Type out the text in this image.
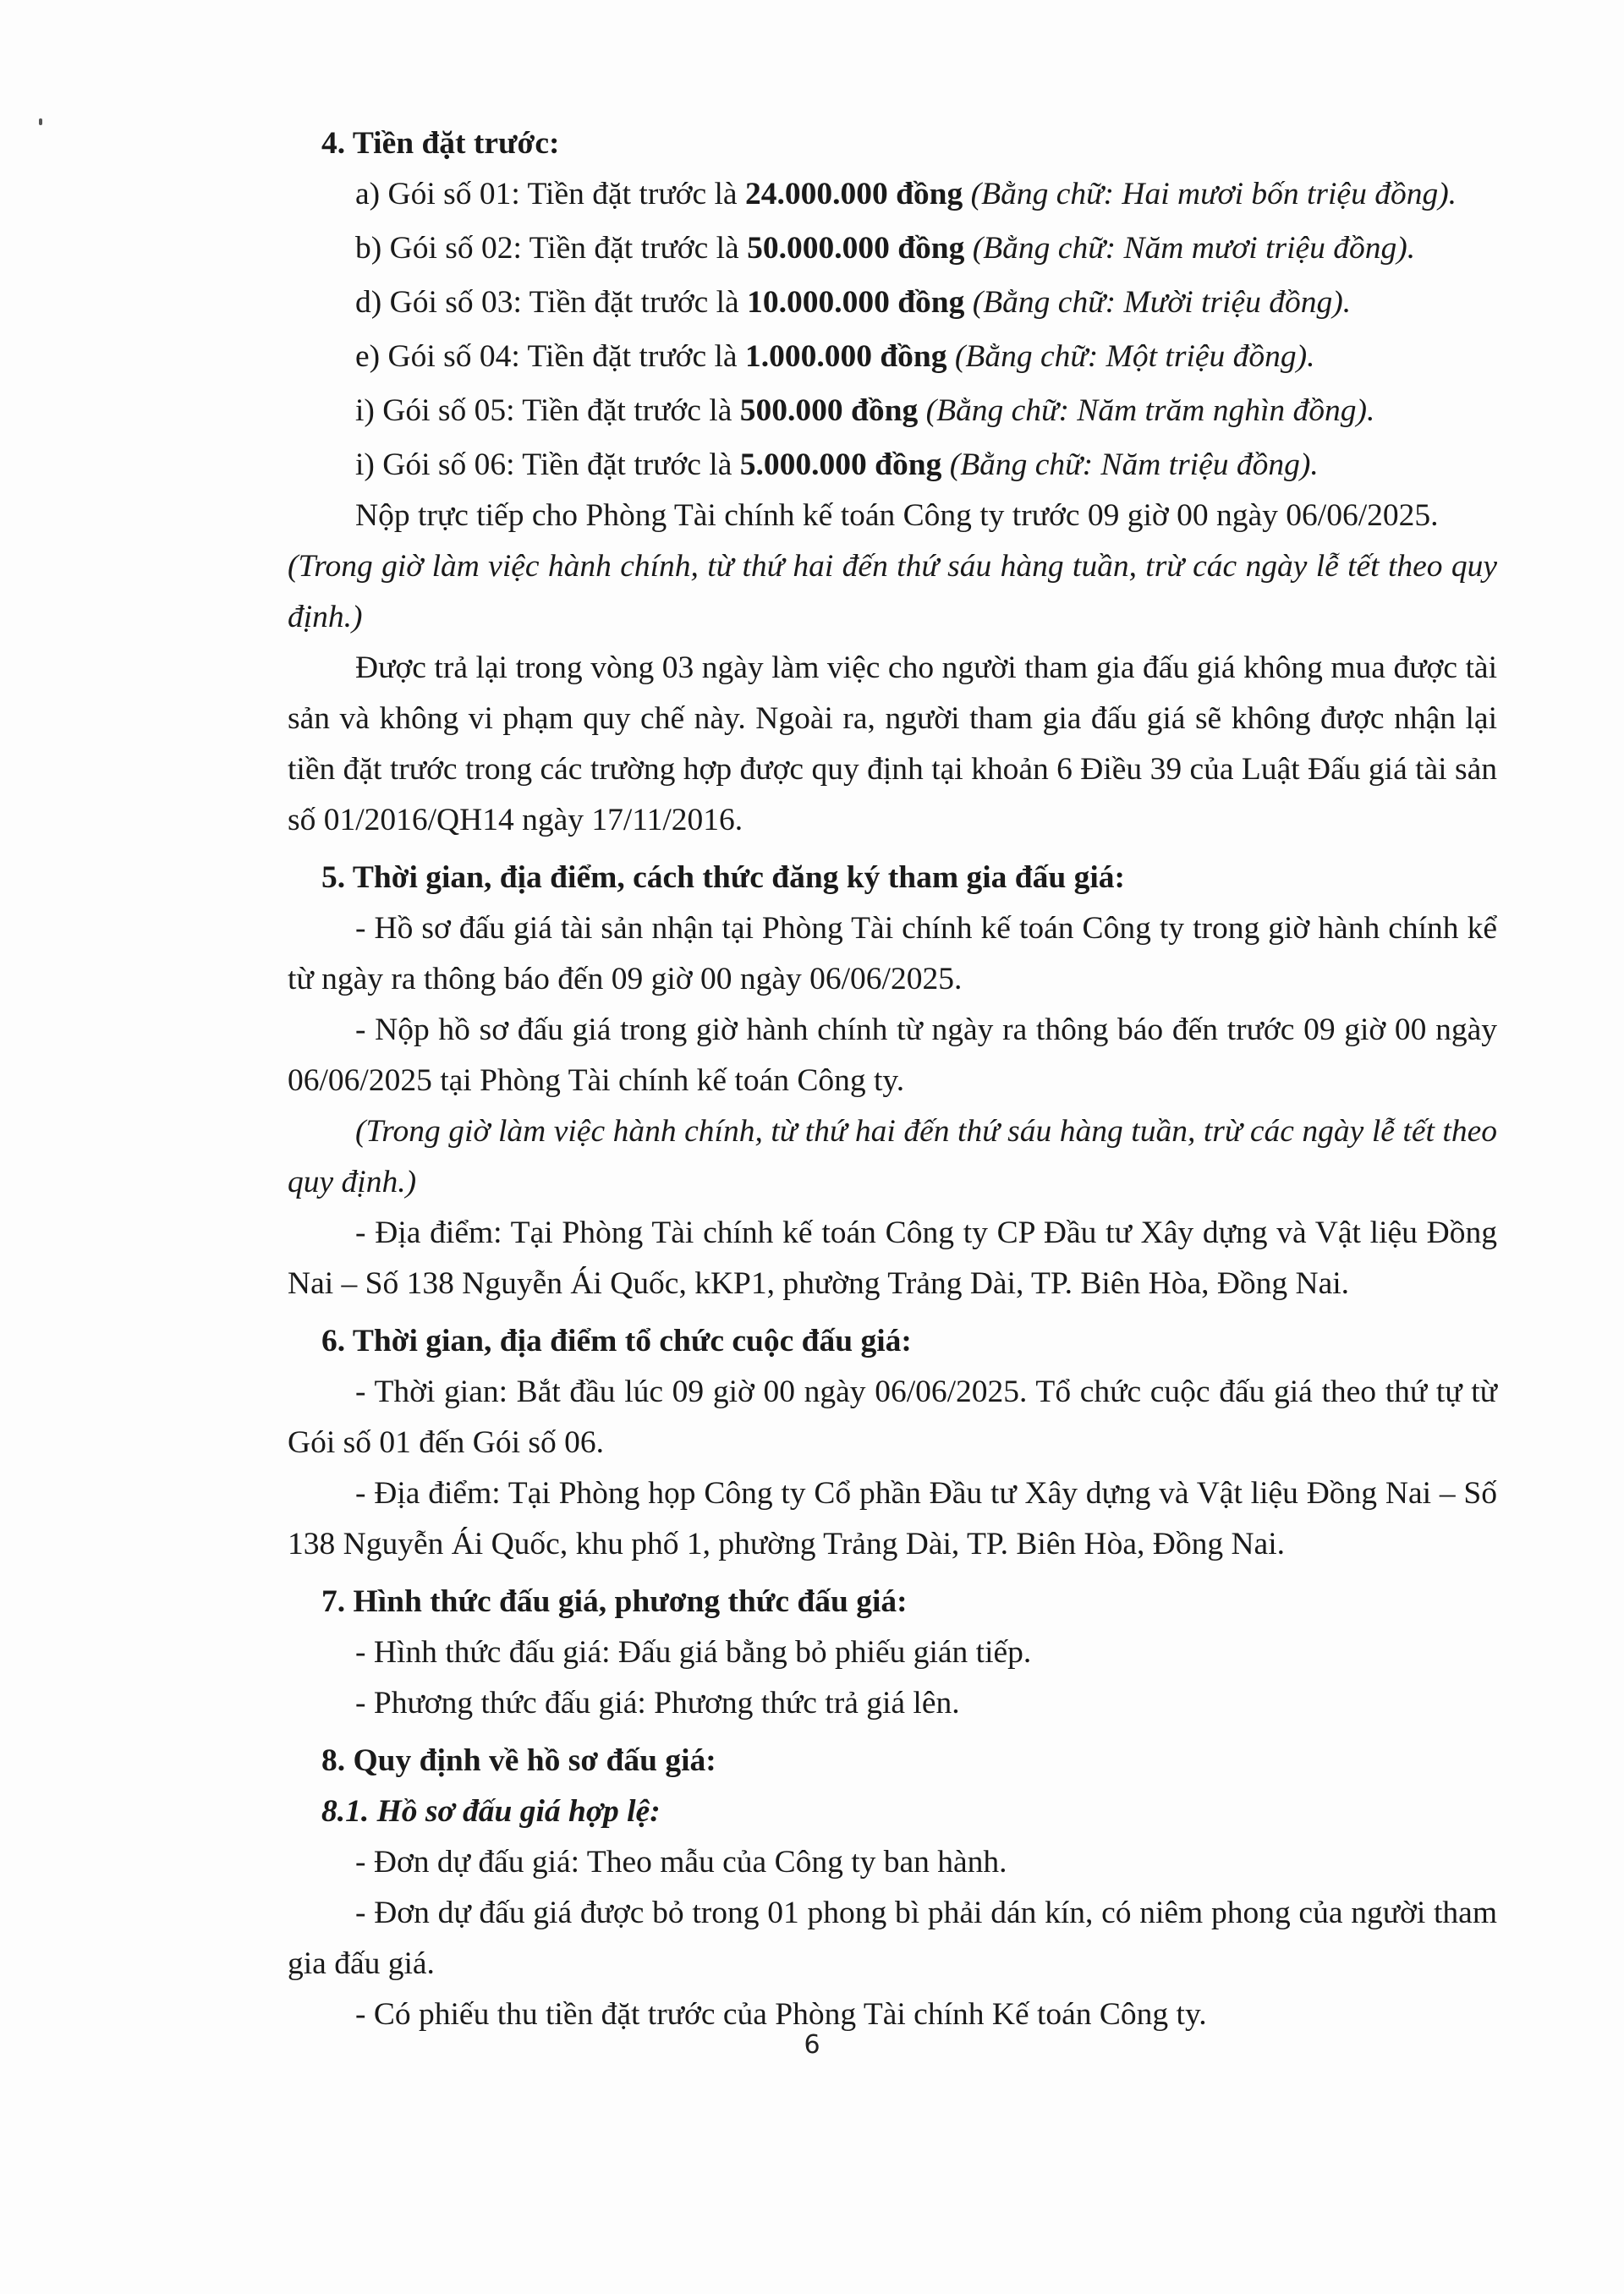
4. Tiền đặt trước:

a) Gói số 01: Tiền đặt trước là 24.000.000 đồng (Bằng chữ: Hai mươi bốn triệu đồng).

b) Gói số 02: Tiền đặt trước là 50.000.000 đồng (Bằng chữ: Năm mươi triệu đồng).

d) Gói số 03: Tiền đặt trước là 10.000.000 đồng (Bằng chữ: Mười triệu đồng).

e) Gói số 04: Tiền đặt trước là 1.000.000 đồng (Bằng chữ: Một triệu đồng).

i) Gói số 05: Tiền đặt trước là 500.000 đồng (Bằng chữ: Năm trăm nghìn đồng).

i) Gói số 06: Tiền đặt trước là 5.000.000 đồng (Bằng chữ: Năm triệu đồng).

Nộp trực tiếp cho Phòng Tài chính kế toán Công ty trước 09 giờ 00 ngày 06/06/2025.

(Trong giờ làm việc hành chính, từ thứ hai đến thứ sáu hàng tuần, trừ các ngày lễ tết theo quy định.)

Được trả lại trong vòng 03 ngày làm việc cho người tham gia đấu giá không mua được tài sản và không vi phạm quy chế này. Ngoài ra, người tham gia đấu giá sẽ không được nhận lại tiền đặt trước trong các trường hợp được quy định tại khoản 6 Điều 39 của Luật Đấu giá tài sản số 01/2016/QH14 ngày 17/11/2016.

5. Thời gian, địa điểm, cách thức đăng ký tham gia đấu giá:

- Hồ sơ đấu giá tài sản nhận tại Phòng Tài chính kế toán Công ty trong giờ hành chính kể từ ngày ra thông báo đến 09 giờ 00 ngày 06/06/2025.

- Nộp hồ sơ đấu giá trong giờ hành chính từ ngày ra thông báo đến trước 09 giờ 00 ngày 06/06/2025 tại Phòng Tài chính kế toán Công ty.

(Trong giờ làm việc hành chính, từ thứ hai đến thứ sáu hàng tuần, trừ các ngày lễ tết theo quy định.)

- Địa điểm: Tại Phòng Tài chính kế toán Công ty CP Đầu tư Xây dựng và Vật liệu Đồng Nai – Số 138 Nguyễn Ái Quốc, kKP1, phường Trảng Dài, TP. Biên Hòa, Đồng Nai.

6. Thời gian, địa điểm tổ chức cuộc đấu giá:

- Thời gian: Bắt đầu lúc 09 giờ 00 ngày 06/06/2025. Tổ chức cuộc đấu giá theo thứ tự từ Gói số 01 đến Gói số 06.

- Địa điểm: Tại Phòng họp Công ty Cổ phần Đầu tư Xây dựng và Vật liệu Đồng Nai – Số 138 Nguyễn Ái Quốc, khu phố 1, phường Trảng Dài, TP. Biên Hòa, Đồng Nai.

7. Hình thức đấu giá, phương thức đấu giá:

- Hình thức đấu giá: Đấu giá bằng bỏ phiếu gián tiếp.

- Phương thức đấu giá: Phương thức trả giá lên.

8. Quy định về hồ sơ đấu giá:

8.1. Hồ sơ đấu giá hợp lệ:

- Đơn dự đấu giá: Theo mẫu của Công ty ban hành.

- Đơn dự đấu giá được bỏ trong 01 phong bì phải dán kín, có niêm phong của người tham gia đấu giá.

- Có phiếu thu tiền đặt trước của Phòng Tài chính Kế toán Công ty.

6
